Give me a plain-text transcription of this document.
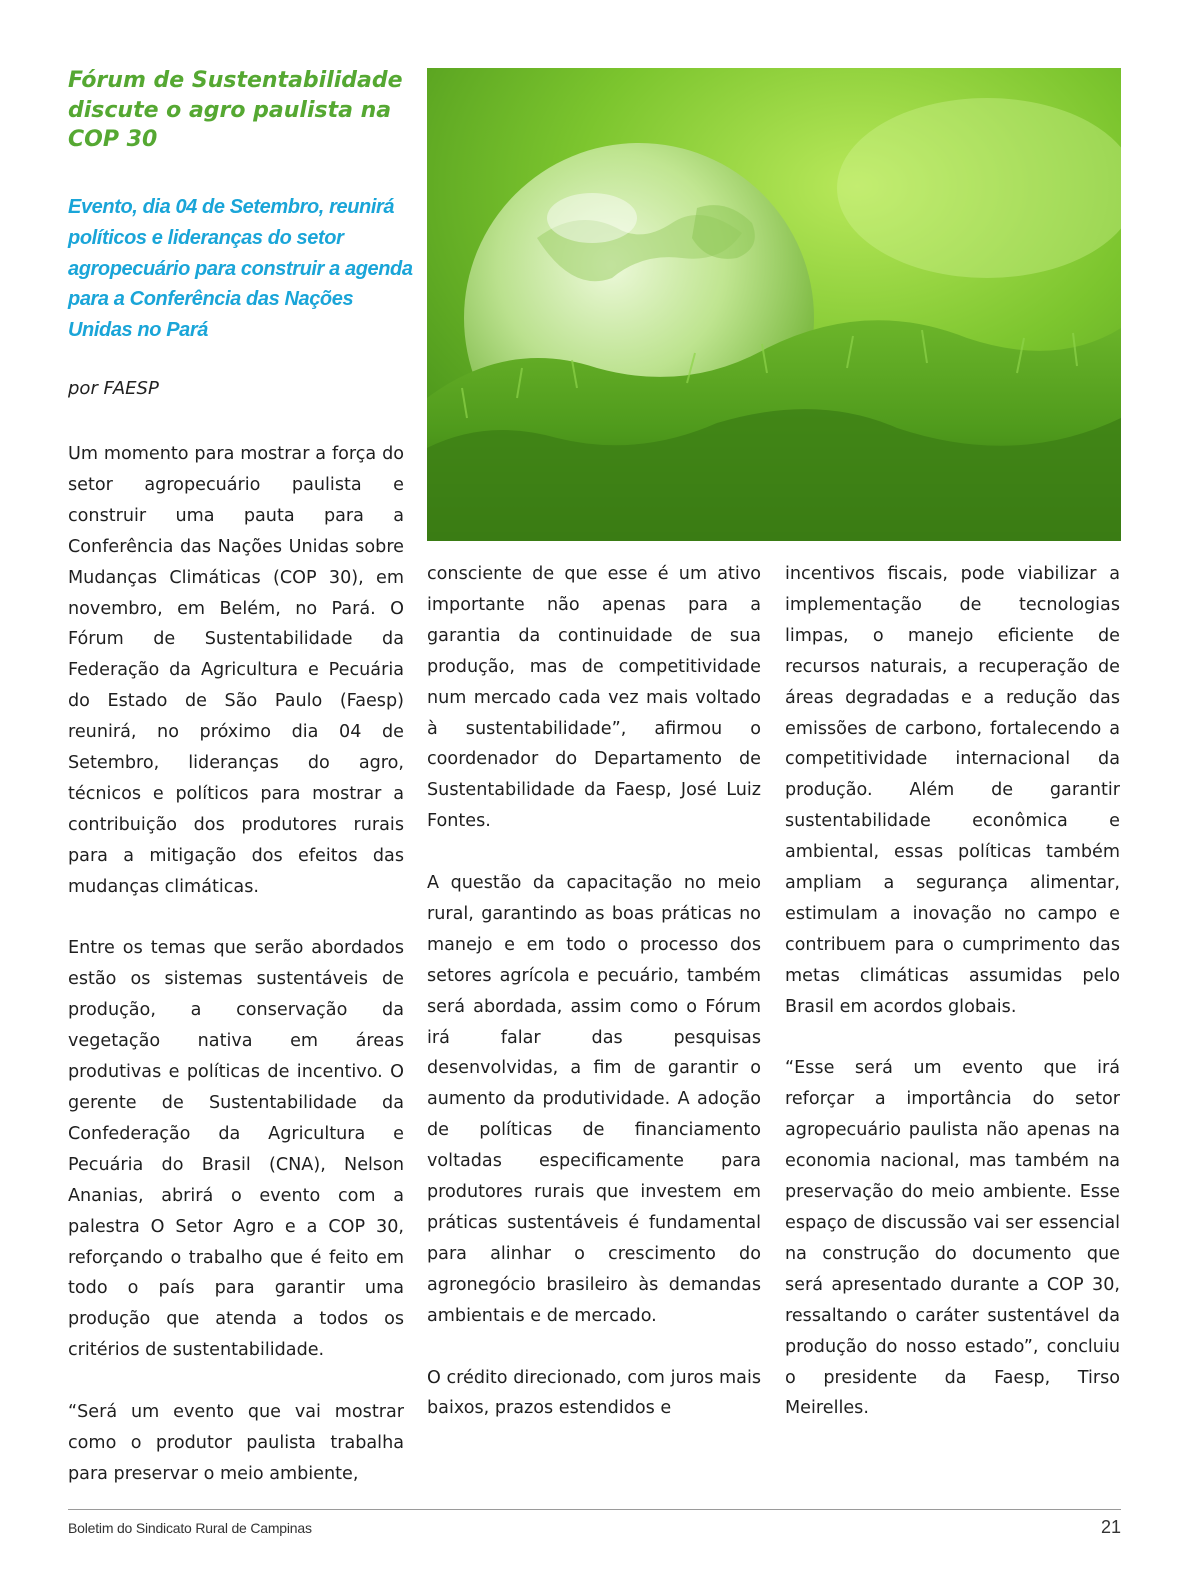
Fórum de Sustentabilidade discute o agro paulista na COP 30
Evento, dia 04 de Setembro, reunirá políticos e lideranças do setor agropecuário para construir a agenda para a Conferência das Nações Unidas no Pará
por FAESP

Um momento para mostrar a força do setor agropecuário paulista e construir uma pauta para a Conferência das Nações Unidas sobre Mudanças Climáticas (COP 30), em novembro, em Belém, no Pará. O Fórum de Sustentabilidade da Federação da Agricultura e Pecuária do Estado de São Paulo (Faesp) reunirá, no próximo dia 04 de Setembro, lideranças do agro, técnicos e políticos para mostrar a contribuição dos produtores rurais para a mitigação dos efeitos das mudanças climáticas.

Entre os temas que serão abordados estão os sistemas sustentáveis de produção, a conservação da vegetação nativa em áreas produtivas e políticas de incentivo. O gerente de Sustentabilidade da Confederação da Agricultura e Pecuária do Brasil (CNA), Nelson Ananias, abrirá o evento com a palestra O Setor Agro e a COP 30, reforçando o trabalho que é feito em todo o país para garantir uma produção que atenda a todos os critérios de sustentabilidade.

“Será um evento que vai mostrar como o produtor paulista trabalha para preservar o meio ambiente,

consciente de que esse é um ativo importante não apenas para a garantia da continuidade de sua produção, mas de competitividade num mercado cada vez mais voltado à sustentabilidade”, afirmou o coordenador do Departamento de Sustentabilidade da Faesp, José Luiz Fontes.

A questão da capacitação no meio rural, garantindo as boas práticas no manejo e em todo o processo dos setores agrícola e pecuário, também será abordada, assim como o Fórum irá falar das pesquisas desenvolvidas, a fim de garantir o aumento da produtividade. A adoção de políticas de financiamento voltadas especificamente para produtores rurais que investem em práticas sustentáveis é fundamental para alinhar o crescimento do agronegócio brasileiro às demandas ambientais e de mercado.

O crédito direcionado, com juros mais baixos, prazos estendidos e

incentivos fiscais, pode viabilizar a implementação de tecnologias limpas, o manejo eficiente de recursos naturais, a recuperação de áreas degradadas e a redução das emissões de carbono, fortalecendo a competitividade internacional da produção. Além de garantir sustentabilidade econômica e ambiental, essas políticas também ampliam a segurança alimentar, estimulam a inovação no campo e contribuem para o cumprimento das metas climáticas assumidas pelo Brasil em acordos globais.

“Esse será um evento que irá reforçar a importância do setor agropecuário paulista não apenas na economia nacional, mas também na preservação do meio ambiente. Esse espaço de discussão vai ser essencial na construção do documento que será apresentado durante a COP 30, ressaltando o caráter sustentável da produção do nosso estado”, concluiu o presidente da Faesp, Tirso Meirelles.

Boletim do Sindicato Rural de Campinas	21
